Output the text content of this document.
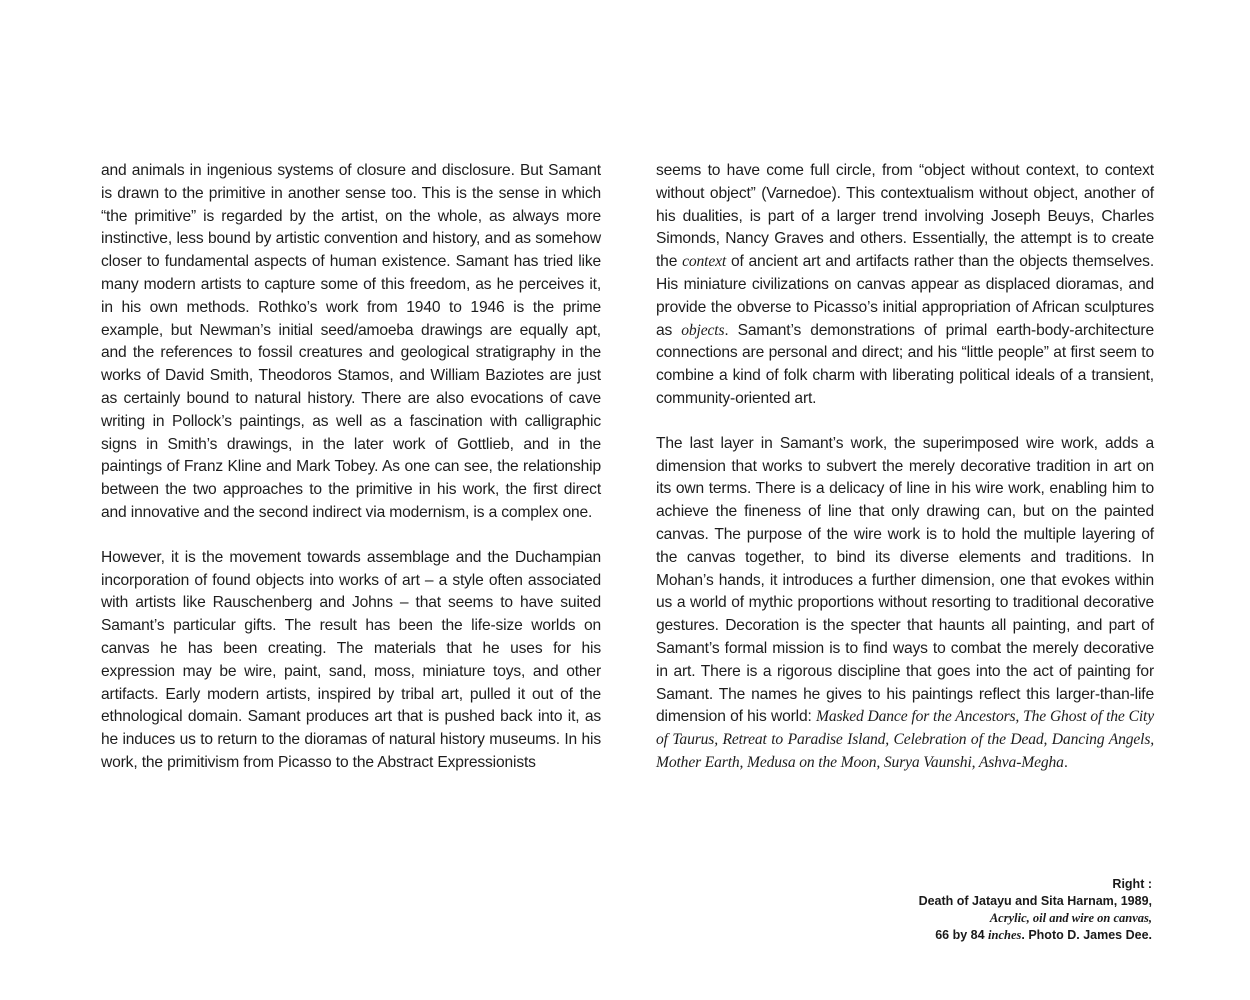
and animals in ingenious systems of closure and disclosure. But Samant is drawn to the primitive in another sense too. This is the sense in which “the primitive” is regarded by the artist, on the whole, as always more instinctive, less bound by artistic convention and history, and as somehow closer to fundamental aspects of human existence. Samant has tried like many modern artists to capture some of this freedom, as he perceives it, in his own methods. Rothko’s work from 1940 to 1946 is the prime example, but Newman’s initial seed/amoeba drawings are equally apt, and the references to fossil creatures and geological stratigraphy in the works of David Smith, Theodoros Stamos, and William Baziotes are just as certainly bound to natural history. There are also evocations of cave writing in Pollock’s paintings, as well as a fascination with calligraphic signs in Smith’s drawings, in the later work of Gottlieb, and in the paintings of Franz Kline and Mark Tobey. As one can see, the relationship between the two approaches to the primitive in his work, the first direct and innovative and the second indirect via modernism, is a complex one.

However, it is the movement towards assemblage and the Duchampian incorporation of found objects into works of art – a style often associated with artists like Rauschenberg and Johns – that seems to have suited Samant’s particular gifts. The result has been the life-size worlds on canvas he has been creating. The materials that he uses for his expression may be wire, paint, sand, moss, miniature toys, and other artifacts. Early modern artists, inspired by tribal art, pulled it out of the ethnological domain. Samant produces art that is pushed back into it, as he induces us to return to the dioramas of natural history museums. In his work, the primitivism from Picasso to the Abstract Expressionists

seems to have come full circle, from “object without context, to context without object” (Varnedoe). This contextualism without object, another of his dualities, is part of a larger trend involving Joseph Beuys, Charles Simonds, Nancy Graves and others. Essentially, the attempt is to create the context of ancient art and artifacts rather than the objects themselves. His miniature civilizations on canvas appear as displaced dioramas, and provide the obverse to Picasso’s initial appropriation of African sculptures as objects. Samant’s demonstrations of primal earth-body-architecture connections are personal and direct; and his “little people” at first seem to combine a kind of folk charm with liberating political ideals of a transient, community-oriented art.

The last layer in Samant’s work, the superimposed wire work, adds a dimension that works to subvert the merely decorative tradition in art on its own terms. There is a delicacy of line in his wire work, enabling him to achieve the fineness of line that only drawing can, but on the painted canvas. The purpose of the wire work is to hold the multiple layering of the canvas together, to bind its diverse elements and traditions. In Mohan’s hands, it introduces a further dimension, one that evokes within us a world of mythic proportions without resorting to traditional decorative gestures. Decoration is the specter that haunts all painting, and part of Samant’s formal mission is to find ways to combat the merely decorative in art. There is a rigorous discipline that goes into the act of painting for Samant. The names he gives to his paintings reflect this larger-than-life dimension of his world: Masked Dance for the Ancestors, The Ghost of the City of Taurus, Retreat to Paradise Island, Celebration of the Dead, Dancing Angels, Mother Earth, Medusa on the Moon, Surya Vaunshi, Ashva-Megha.

Right :
Death of Jatayu and Sita Harnam, 1989,
Acrylic, oil and wire on canvas,
66 by 84 inches. Photo D. James Dee.
